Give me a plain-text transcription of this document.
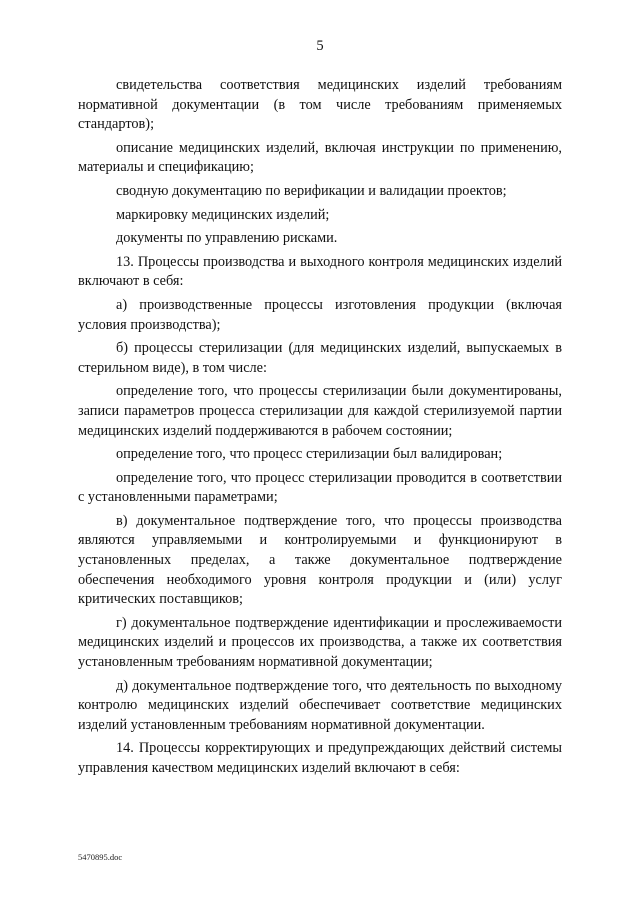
5

свидетельства соответствия медицинских изделий требованиям нормативной документации (в том числе требованиям применяемых стандартов);

описание медицинских изделий, включая инструкции по применению, материалы и спецификацию;

сводную документацию по верификации и валидации проектов;

маркировку медицинских изделий;

документы по управлению рисками.

13. Процессы производства и выходного контроля медицинских изделий включают в себя:

а) производственные процессы изготовления продукции (включая условия производства);

б) процессы стерилизации (для медицинских изделий, выпускаемых в стерильном виде), в том числе:

определение того, что процессы стерилизации были документированы, записи параметров процесса стерилизации для каждой стерилизуемой партии медицинских изделий поддерживаются в рабочем состоянии;

определение того, что процесс стерилизации был валидирован;

определение того, что процесс стерилизации проводится в соответствии с установленными параметрами;

в) документальное подтверждение того, что процессы производства являются управляемыми и контролируемыми и функционируют в установленных пределах, а также документальное подтверждение обеспечения необходимого уровня контроля продукции и (или) услуг критических поставщиков;

г) документальное подтверждение идентификации и прослеживаемости медицинских изделий и процессов их производства, а также их соответствия установленным требованиям нормативной документации;

д) документальное подтверждение того, что деятельность по выходному контролю медицинских изделий обеспечивает соответствие медицинских изделий установленным требованиям нормативной документации.

14. Процессы корректирующих и предупреждающих действий системы управления качеством медицинских изделий включают в себя:

5470895.doc
